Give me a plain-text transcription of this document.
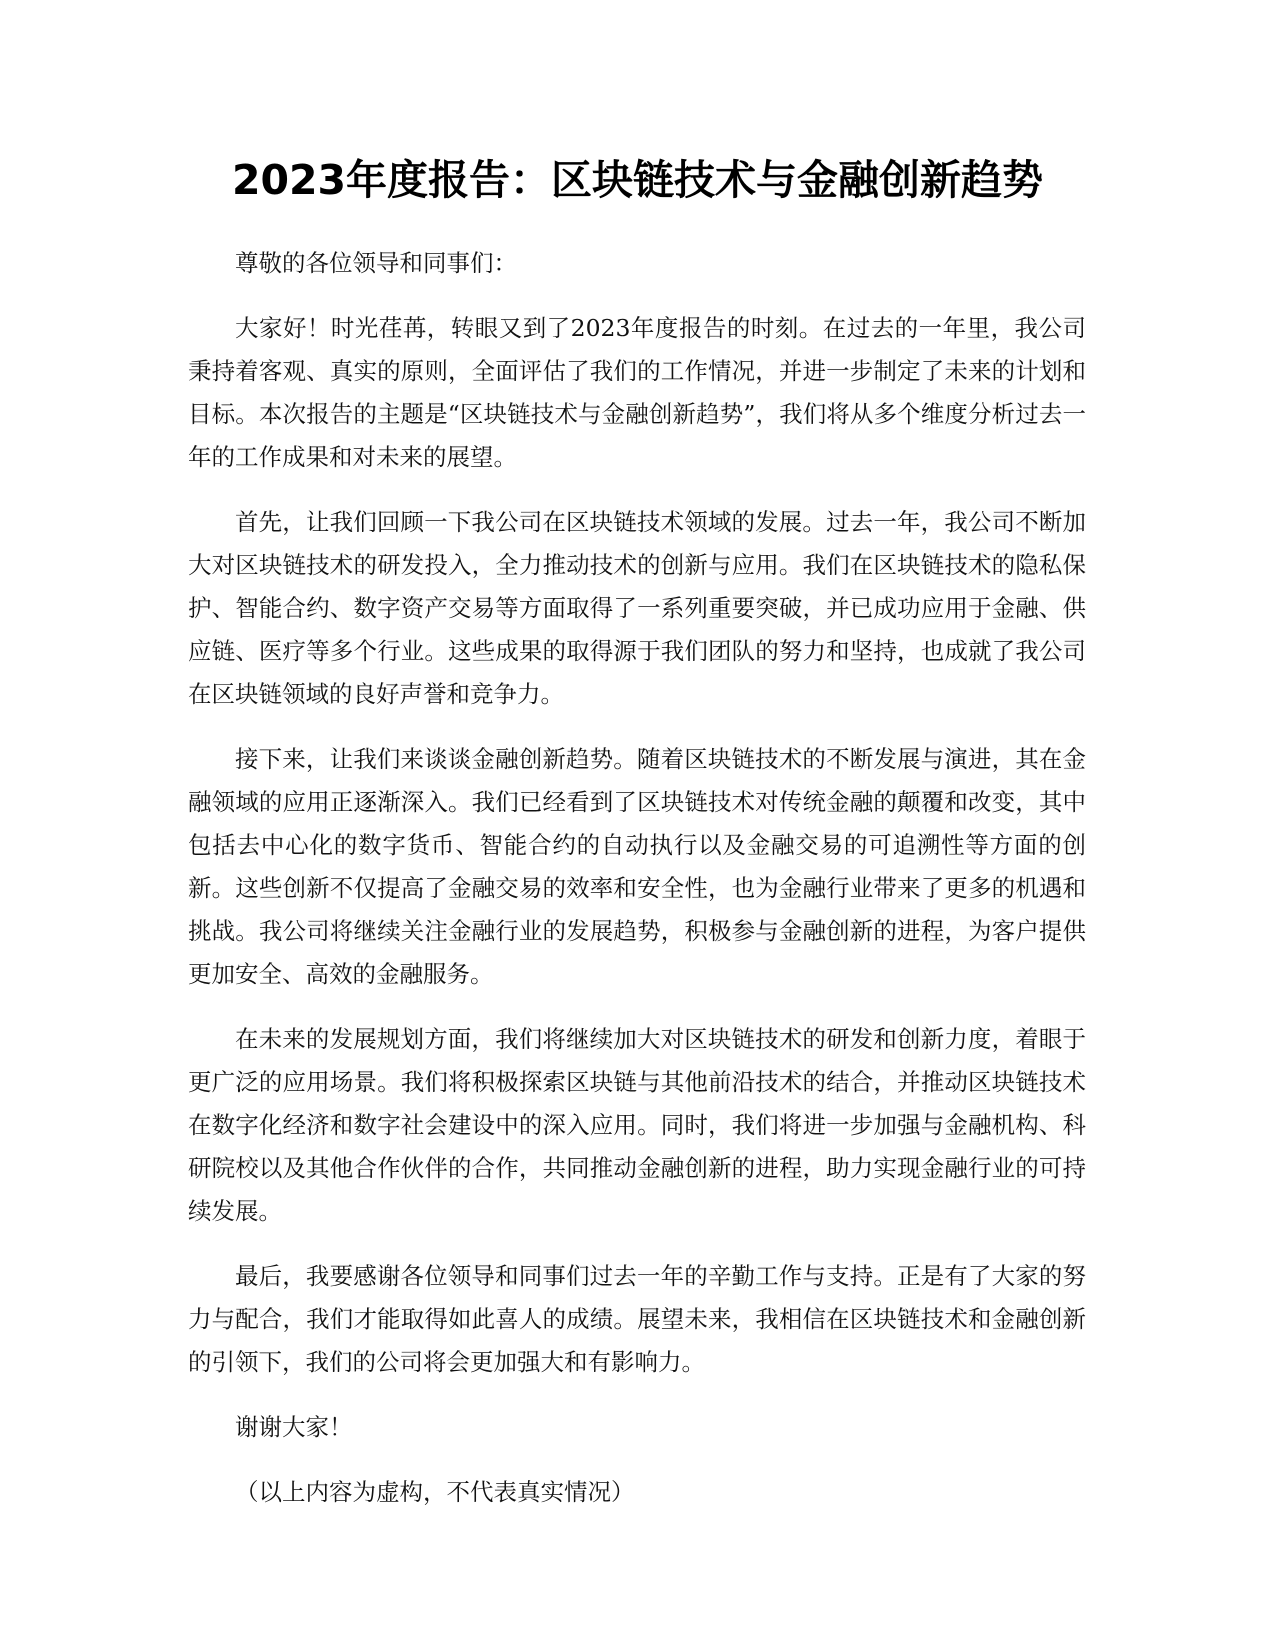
2023年度报告：区块链技术与金融创新趋势

尊敬的各位领导和同事们：

大家好！时光荏苒，转眼又到了2023年度报告的时刻。在过去的一年里，我公司秉持着客观、真实的原则，全面评估了我们的工作情况，并进一步制定了未来的计划和目标。本次报告的主题是“区块链技术与金融创新趋势”，我们将从多个维度分析过去一年的工作成果和对未来的展望。

首先，让我们回顾一下我公司在区块链技术领域的发展。过去一年，我公司不断加大对区块链技术的研发投入，全力推动技术的创新与应用。我们在区块链技术的隐私保护、智能合约、数字资产交易等方面取得了一系列重要突破，并已成功应用于金融、供应链、医疗等多个行业。这些成果的取得源于我们团队的努力和坚持，也成就了我公司在区块链领域的良好声誉和竞争力。

接下来，让我们来谈谈金融创新趋势。随着区块链技术的不断发展与演进，其在金融领域的应用正逐渐深入。我们已经看到了区块链技术对传统金融的颠覆和改变，其中包括去中心化的数字货币、智能合约的自动执行以及金融交易的可追溯性等方面的创新。这些创新不仅提高了金融交易的效率和安全性，也为金融行业带来了更多的机遇和挑战。我公司将继续关注金融行业的发展趋势，积极参与金融创新的进程，为客户提供更加安全、高效的金融服务。

在未来的发展规划方面，我们将继续加大对区块链技术的研发和创新力度，着眼于更广泛的应用场景。我们将积极探索区块链与其他前沿技术的结合，并推动区块链技术在数字化经济和数字社会建设中的深入应用。同时，我们将进一步加强与金融机构、科研院校以及其他合作伙伴的合作，共同推动金融创新的进程，助力实现金融行业的可持续发展。

最后，我要感谢各位领导和同事们过去一年的辛勤工作与支持。正是有了大家的努力与配合，我们才能取得如此喜人的成绩。展望未来，我相信在区块链技术和金融创新的引领下，我们的公司将会更加强大和有影响力。

谢谢大家！

（以上内容为虚构，不代表真实情况）
